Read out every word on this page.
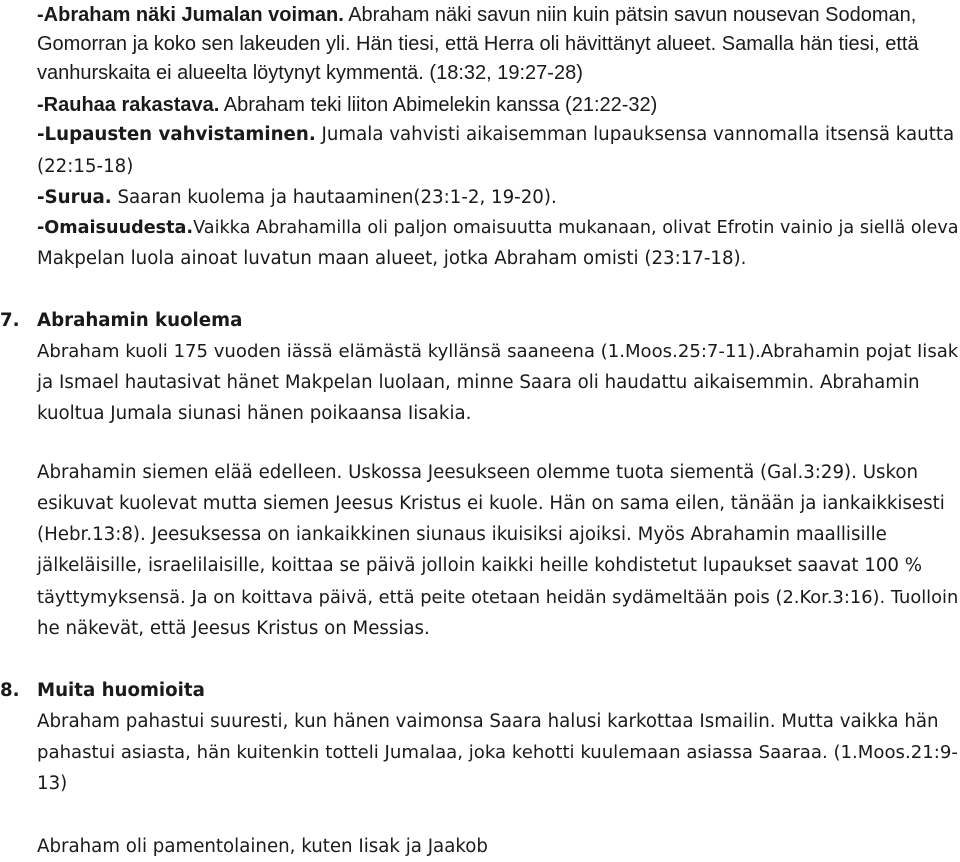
-Abraham näki Jumalan voiman. Abraham näki savun niin kuin pätsin savun nousevan Sodoman,
Gomorran ja koko sen lakeuden yli. Hän tiesi, että Herra oli hävittänyt alueet. Samalla hän tiesi, että
vanhurskaita ei alueelta löytynyt kymmentä. (18:32, 19:27-28)
-Rauhaa rakastava. Abraham teki liiton Abimelekin kanssa (21:22-32)
-Lupausten vahvistaminen. Jumala vahvisti aikaisemman lupauksensa vannomalla itsensä kautta
(22:15-18)
-Surua. Saaran kuolema ja hautaaminen(23:1-2, 19-20).
-Omaisuudesta.Vaikka Abrahamilla oli paljon omaisuutta mukanaan, olivat Efrotin vainio ja siellä oleva
Makpelan luola ainoat luvatun maan alueet, jotka Abraham omisti (23:17-18).
7. Abrahamin kuolema
Abraham kuoli 175 vuoden iässä elämästä kyllänsä saaneena (1.Moos.25:7-11).Abrahamin pojat Iisak
ja Ismael hautasivat hänet Makpelan luolaan, minne Saara oli haudattu aikaisemmin. Abrahamin
kuoltua Jumala siunasi hänen poikaansa Iisakia.
Abrahamin siemen elää edelleen. Uskossa Jeesukseen olemme tuota siementä (Gal.3:29). Uskon
esikuvat kuolevat mutta siemen Jeesus Kristus ei kuole. Hän on sama eilen, tänään ja iankaikkisesti
(Hebr.13:8). Jeesuksessa on iankaikkinen siunaus ikuisiksi ajoiksi. Myös Abrahamin maallisille
jälkeläisille, israelilaisille, koittaa se päivä jolloin kaikki heille kohdistetut lupaukset saavat 100 %
täyttymyksensä. Ja on koittava päivä, että peite otetaan heidän sydämeltään pois (2.Kor.3:16). Tuolloin
he näkevät, että Jeesus Kristus on Messias.
8. Muita huomioita
Abraham pahastui suuresti, kun hänen vaimonsa Saara halusi karkottaa Ismailin. Mutta vaikka hän
pahastui asiasta, hän kuitenkin totteli Jumalaa, joka kehotti kuulemaan asiassa Saaraa. (1.Moos.21:9-
13)
Abraham oli pamentolainen, kuten Iisak ja Jaakob
